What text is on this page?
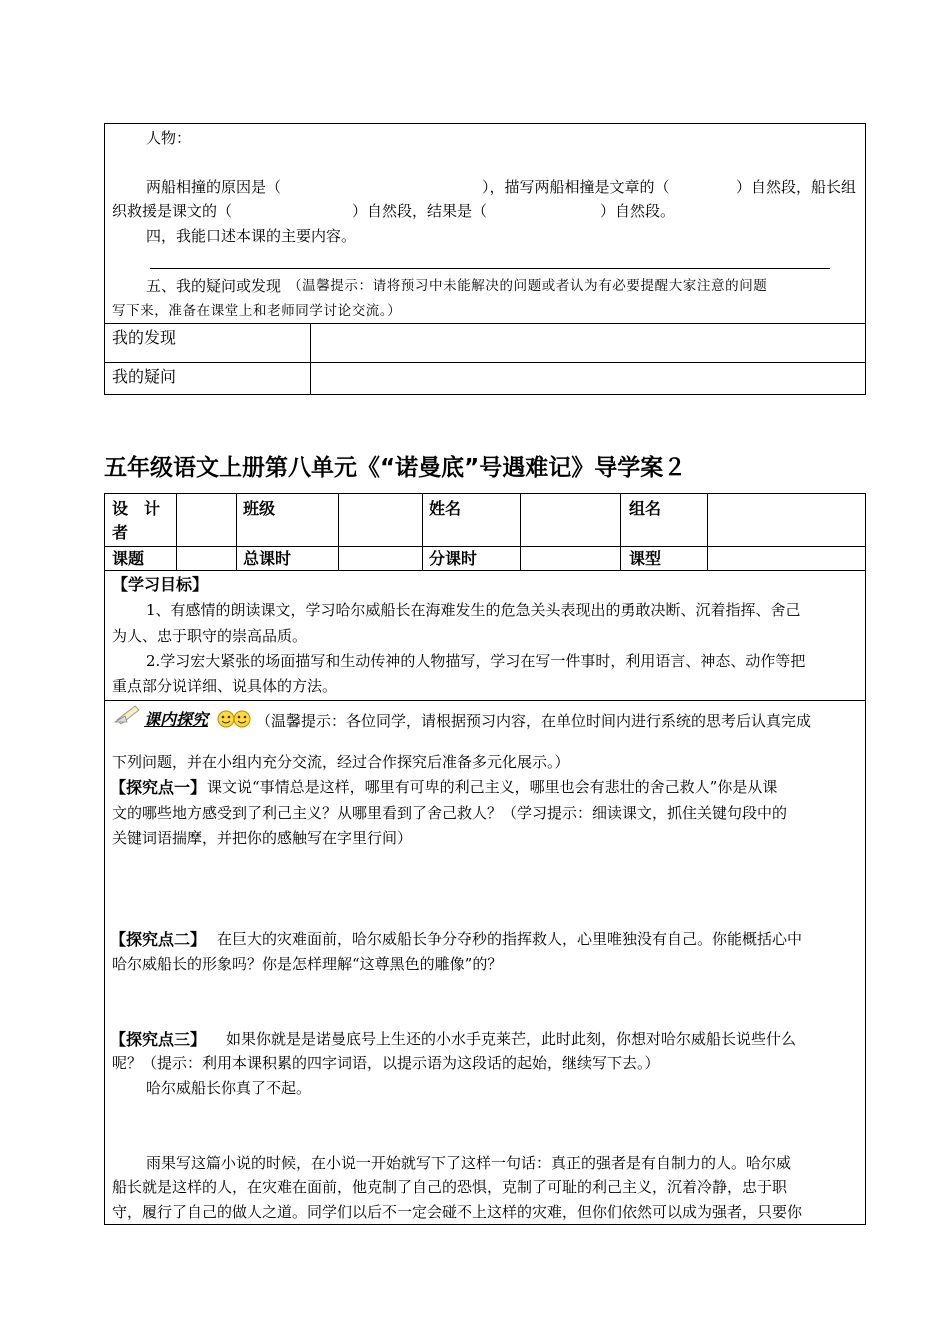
人物：
两船相撞的原因是（	），描写两船相撞是文章的（	）自然段，船长组
织救援是课文的（	）自然段，结果是（	）自然段。
四，我能口述本课的主要内容。
五、我的疑问或发现 （温馨提示：请将预习中未能解决的问题或者认为有必要提醒大家注意的问题
写下来，准备在课堂上和老师同学讨论交流。）
我的发现
我的疑问
五年级语文上册第八单元《“诺曼底”号遇难记》导学案２
设　计
者
班级	姓名	组名
课题	总课时	分课时	课型
【学习目标】
1、有感情的朗读课文，学习哈尔威船长在海难发生的危急关头表现出的勇敢决断、沉着指挥、舍己
为人、忠于职守的崇高品质。
2.学习宏大紧张的场面描写和生动传神的人物描写，学习在写一件事时，利用语言、神态、动作等把
重点部分说详细、说具体的方法。
课内探究	（温馨提示：各位同学，请根据预习内容，在单位时间内进行系统的思考后认真完成
下列问题，并在小组内充分交流，经过合作探究后准备多元化展示。）
【探究点一】 课文说“事情总是这样，哪里有可卑的利己主义，哪里也会有悲壮的舍己救人”你是从课
文的哪些地方感受到了利己主义？从哪里看到了舍己救人？（学习提示：细读课文，抓住关键句段中的
关键词语揣摩，并把你的感触写在字里行间）
【探究点二】 在巨大的灾难面前，哈尔威船长争分夺秒的指挥救人，心里唯独没有自己。你能概括心中
哈尔威船长的形象吗？你是怎样理解“这尊黑色的雕像”的？
【探究点三】 如果你就是是诺曼底号上生还的小水手克莱芒，此时此刻，你想对哈尔威船长说些什么
呢？（提示：利用本课积累的四字词语，以提示语为这段话的起始，继续写下去。）
哈尔威船长你真了不起。
雨果写这篇小说的时候，在小说一开始就写下了这样一句话：真正的强者是有自制力的人。哈尔威
船长就是这样的人，在灾难在面前，他克制了自己的恐惧，克制了可耻的利己主义，沉着冷静，忠于职
守，履行了自己的做人之道。同学们以后不一定会碰不上这样的灾难，但你们依然可以成为强者，只要你
